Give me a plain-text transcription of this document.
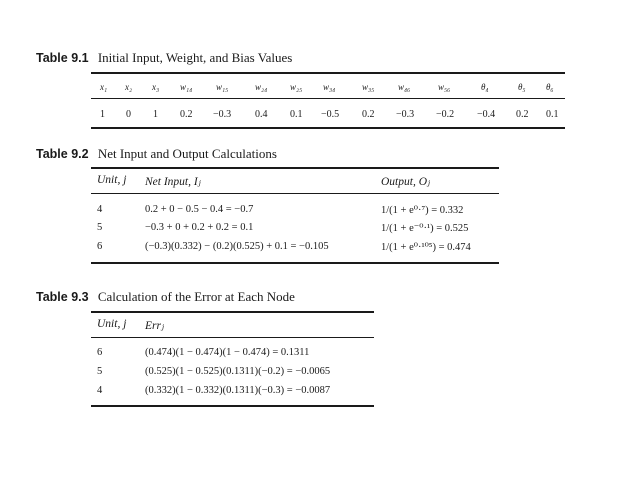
Table 9.1 Initial Input, Weight, and Bias Values
x₁ x₂ x₃ w₁₄	w₁₅	w₂₄	w₂₅ w₃₄	w₃₅	w₄₆	w₅₆	θ₄	θ₅ θ₆
1 0 1 0.2 −0.3 0.4 0.1 −0.5 0.2 −0.3 −0.2 −0.4 0.2 0.1
Table 9.2 Net Input and Output Calculations
Unit, j Net Input, Iⱼ	Output, Oⱼ
4	0.2 + 0 − 0.5 − 0.4 = −0.7	1/(1 + e⁰·⁷) = 0.332
5	−0.3 + 0 + 0.2 + 0.2 = 0.1	1/(1 + e⁻⁰·¹) = 0.525
6	(−0.3)(0.332) − (0.2)(0.525) + 0.1 = −0.105	1/(1 + e⁰·¹⁰⁵) = 0.474
Table 9.3 Calculation of the Error at Each Node
Unit, j Errⱼ
6	(0.474)(1 − 0.474)(1 − 0.474) = 0.1311
5	(0.525)(1 − 0.525)(0.1311)(−0.2) = −0.0065
4	(0.332)(1 − 0.332)(0.1311)(−0.3) = −0.0087
